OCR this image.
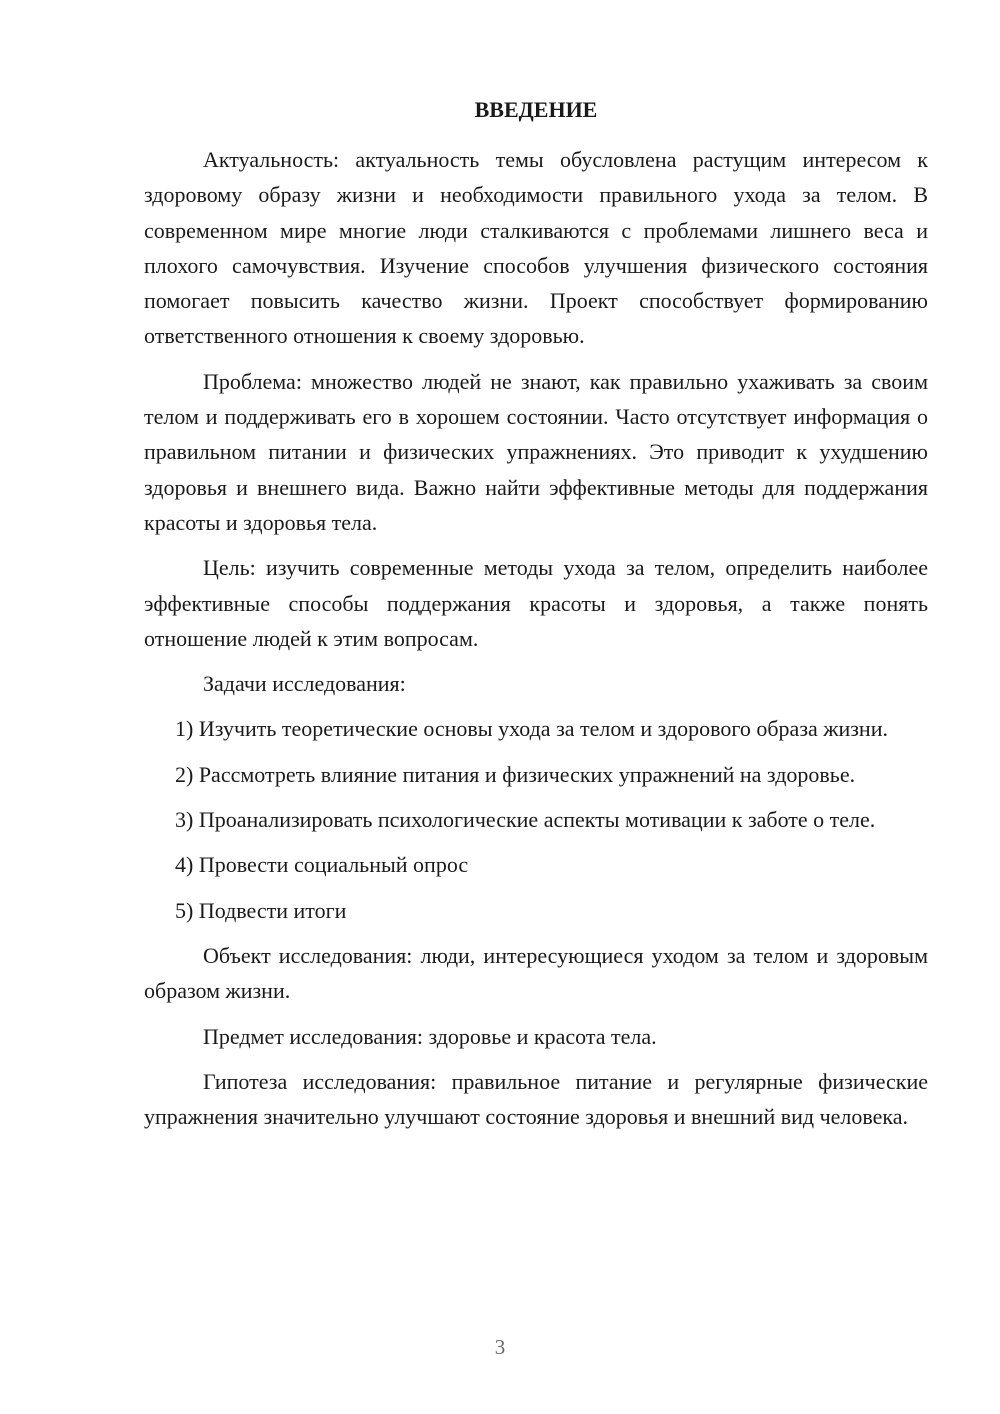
ВВЕДЕНИЕ

Актуальность: актуальность темы обусловлена растущим интересом к здоровому образу жизни и необходимости правильного ухода за телом. В современном мире многие люди сталкиваются с проблемами лишнего веса и плохого самочувствия. Изучение способов улучшения физического состояния помогает повысить качество жизни. Проект способствует формированию ответственного отношения к своему здоровью.

Проблема: множество людей не знают, как правильно ухаживать за своим телом и поддерживать его в хорошем состоянии. Часто отсутствует информация о правильном питании и физических упражнениях. Это приводит к ухудшению здоровья и внешнего вида. Важно найти эффективные методы для поддержания красоты и здоровья тела.

Цель: изучить современные методы ухода за телом, определить наиболее эффективные способы поддержания красоты и здоровья, а также понять отношение людей к этим вопросам.

Задачи исследования:

1) Изучить теоретические основы ухода за телом и здорового образа жизни.

2) Рассмотреть влияние питания и физических упражнений на здоровье.

3) Проанализировать психологические аспекты мотивации к заботе о теле.

4) Провести социальный опрос

5) Подвести итоги

Объект исследования: люди, интересующиеся уходом за телом и здоровым образом жизни.

Предмет исследования: здоровье и красота тела.

Гипотеза исследования: правильное питание и регулярные физические упражнения значительно улучшают состояние здоровья и внешний вид человека.

3
